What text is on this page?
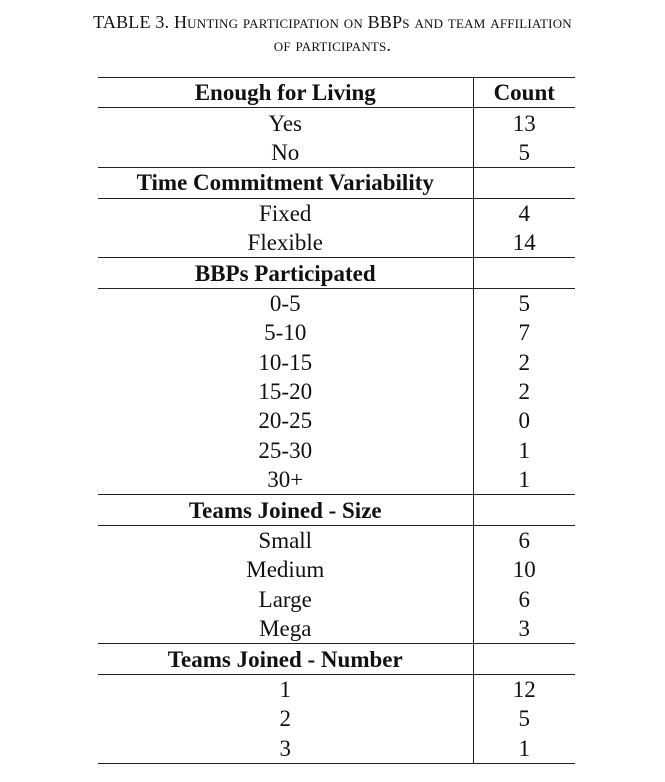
TABLE 3. Hunting participation on BBPs and team affiliation
of participants.
Enough for Living	Count
Yes	13
No	5
Time Commitment Variability	
Fixed	4
Flexible	14
BBPs Participated	
0-5	5
5-10	7
10-15	2
15-20	2
20-25	0
25-30	1
30+	1
Teams Joined - Size	
Small	6
Medium	10
Large	6
Mega	3
Teams Joined - Number	
1	12
2	5
3	1
